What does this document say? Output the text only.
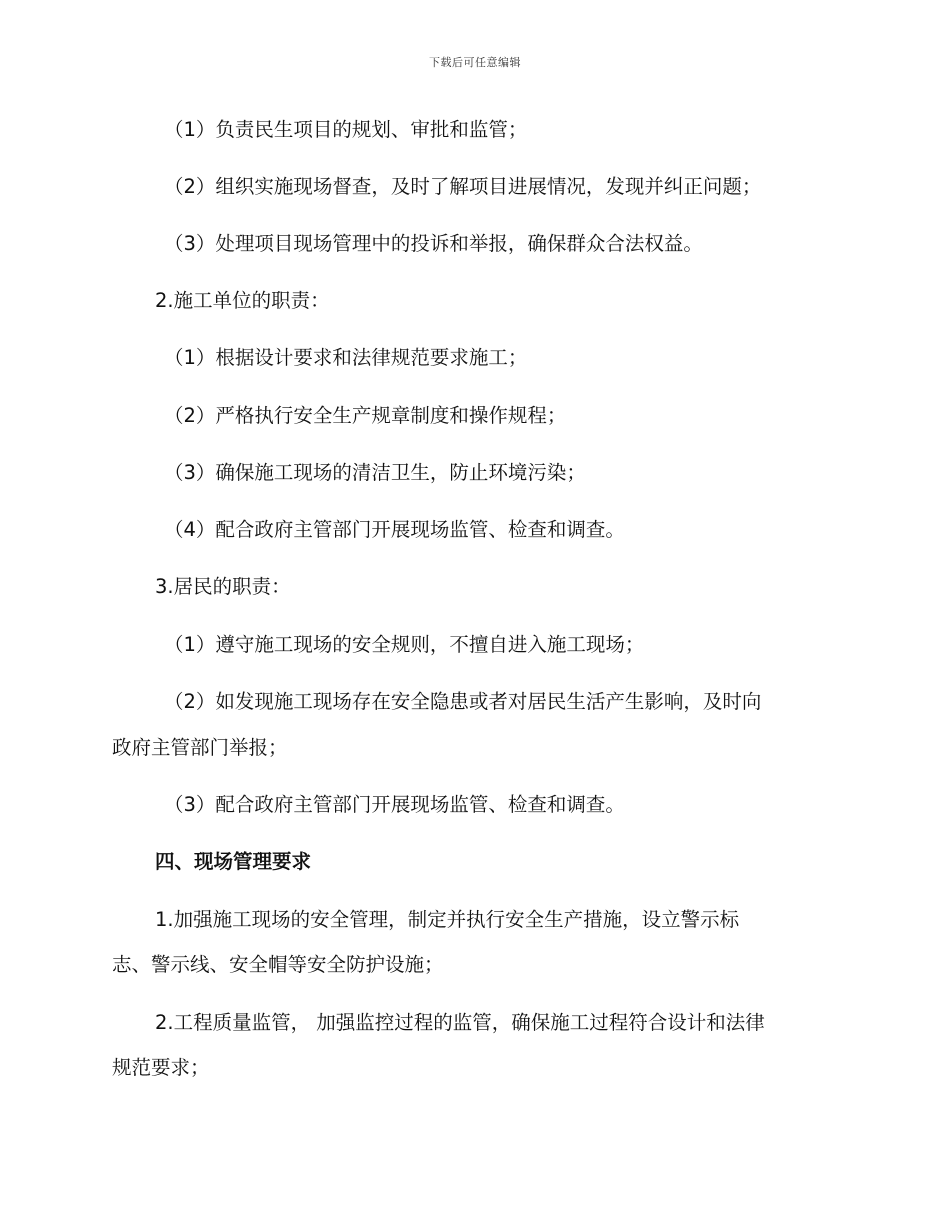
下载后可任意编辑
（1）负责民生项目的规划、审批和监管；
（2）组织实施现场督查，及时了解项目进展情况，发现并纠正问题；
（3）处理项目现场管理中的投诉和举报，确保群众合法权益。
2.施工单位的职责：
（1）根据设计要求和法律规范要求施工；
（2）严格执行安全生产规章制度和操作规程；
（3）确保施工现场的清洁卫生，防止环境污染；
（4）配合政府主管部门开展现场监管、检查和调查。
3.居民的职责：
（1）遵守施工现场的安全规则，不擅自进入施工现场；
（2）如发现施工现场存在安全隐患或者对居民生活产生影响，及时向
政府主管部门举报；
（3）配合政府主管部门开展现场监管、检查和调查。
四、现场管理要求
1.加强施工现场的安全管理，制定并执行安全生产措施，设立警示标
志、警示线、安全帽等安全防护设施；
2.工程质量监管， 加强监控过程的监管，确保施工过程符合设计和法律
规范要求；
